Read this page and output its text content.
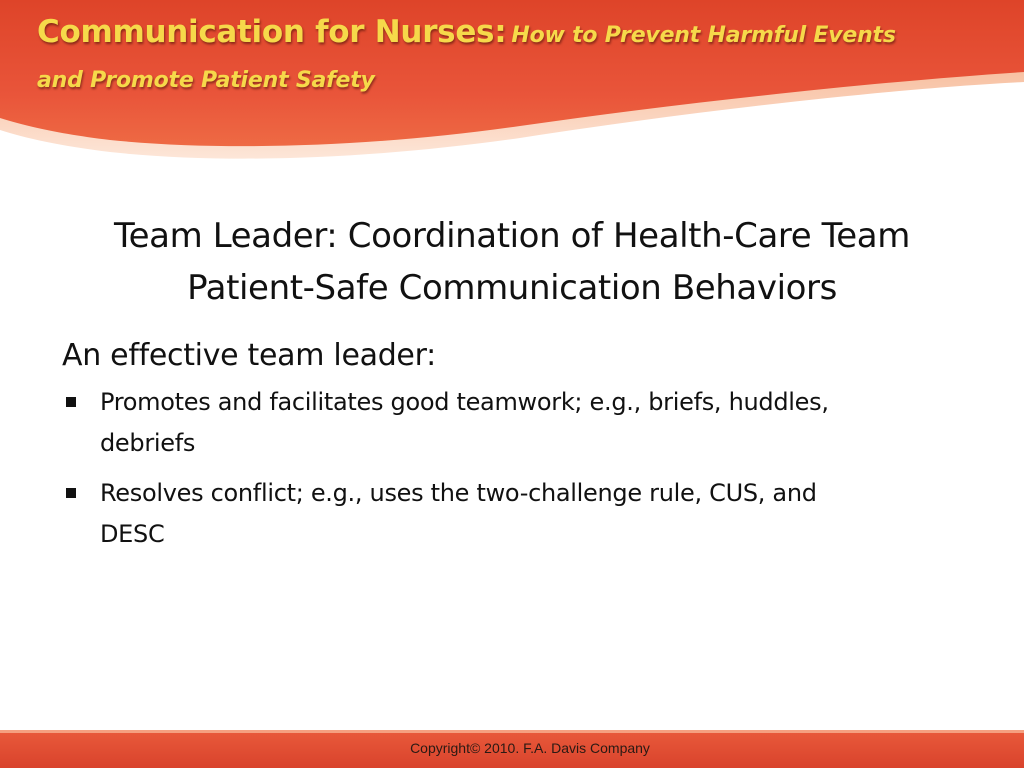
Communication for Nurses: How to Prevent Harmful Events
and Promote Patient Safety
Team Leader: Coordination of Health-Care Team
Patient-Safe Communication Behaviors

An effective team leader:

Promotes and facilitates good teamwork; e.g., briefs, huddles,
debriefs
Resolves conflict; e.g., uses the two-challenge rule, CUS, and
DESC
Copyright© 2010. F.A. Davis Company
